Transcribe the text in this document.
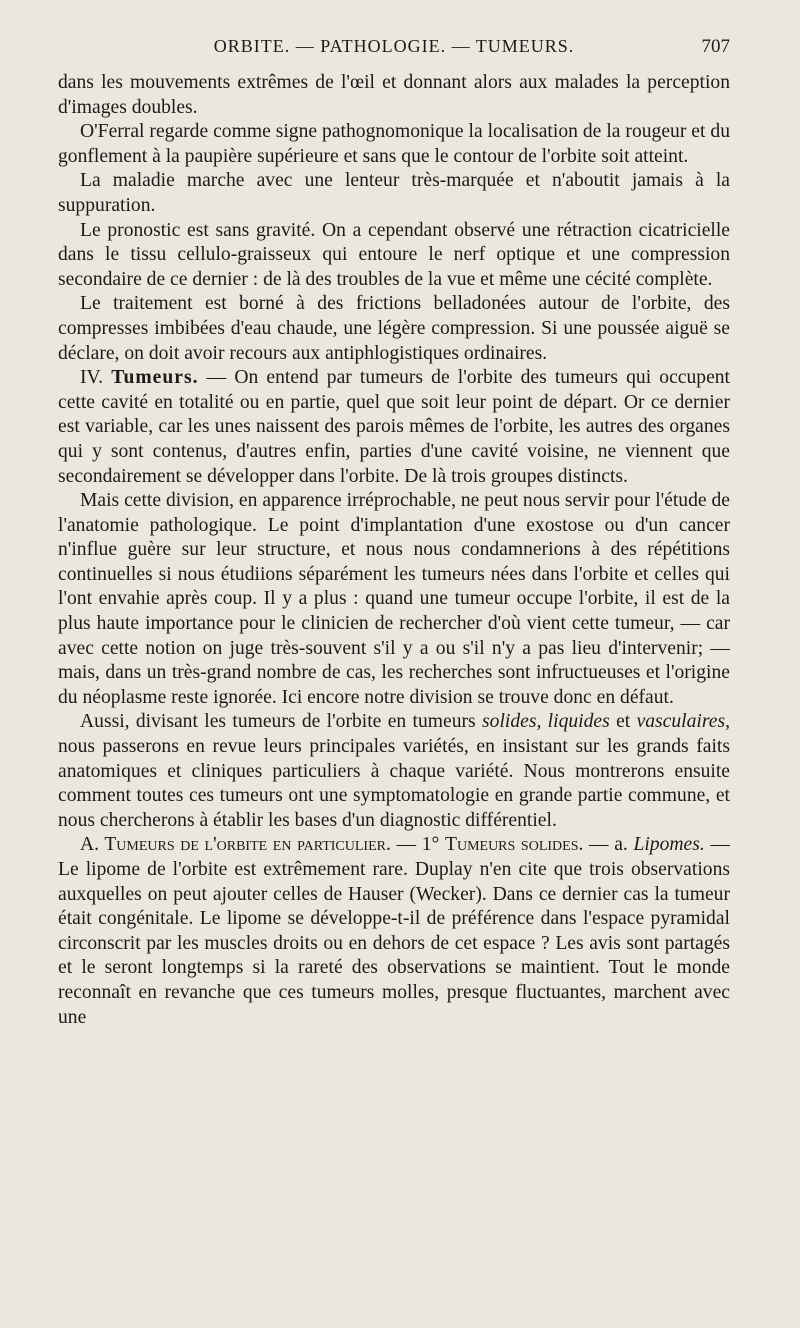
ORBITE. — PATHOLOGIE. — TUMEURS.	707

dans les mouvements extrêmes de l'œil et donnant alors aux malades la perception d'images doubles.

O'Ferral regarde comme signe pathognomonique la localisation de la rougeur et du gonflement à la paupière supérieure et sans que le contour de l'orbite soit atteint.

La maladie marche avec une lenteur très-marquée et n'aboutit jamais à la suppuration.

Le pronostic est sans gravité. On a cependant observé une rétraction cicatricielle dans le tissu cellulo-graisseux qui entoure le nerf optique et une compression secondaire de ce dernier : de là des troubles de la vue et même une cécité complète.

Le traitement est borné à des frictions belladonées autour de l'orbite, des compresses imbibées d'eau chaude, une légère compression. Si une poussée aiguë se déclare, on doit avoir recours aux antiphlogistiques ordinaires.

IV. Tumeurs. — On entend par tumeurs de l'orbite des tumeurs qui occupent cette cavité en totalité ou en partie, quel que soit leur point de départ. Or ce dernier est variable, car les unes naissent des parois mêmes de l'orbite, les autres des organes qui y sont contenus, d'autres enfin, parties d'une cavité voisine, ne viennent que secondairement se développer dans l'orbite. De là trois groupes distincts.

Mais cette division, en apparence irréprochable, ne peut nous servir pour l'étude de l'anatomie pathologique. Le point d'implantation d'une exostose ou d'un cancer n'influe guère sur leur structure, et nous nous condamnerions à des répétitions continuelles si nous étudiions séparément les tumeurs nées dans l'orbite et celles qui l'ont envahie après coup. Il y a plus : quand une tumeur occupe l'orbite, il est de la plus haute importance pour le clinicien de rechercher d'où vient cette tumeur, — car avec cette notion on juge très-souvent s'il y a ou s'il n'y a pas lieu d'intervenir; — mais, dans un très-grand nombre de cas, les recherches sont infructueuses et l'origine du néoplasme reste ignorée. Ici encore notre division se trouve donc en défaut.

Aussi, divisant les tumeurs de l'orbite en tumeurs solides, liquides et vasculaires, nous passerons en revue leurs principales variétés, en insistant sur les grands faits anatomiques et cliniques particuliers à chaque variété. Nous montrerons ensuite comment toutes ces tumeurs ont une symptomatologie en grande partie commune, et nous chercherons à établir les bases d'un diagnostic différentiel.

A. Tumeurs de l'orbite en particulier. — 1° Tumeurs solides. — a. Lipomes. — Le lipome de l'orbite est extrêmement rare. Duplay n'en cite que trois observations auxquelles on peut ajouter celles de Hauser (Wecker). Dans ce dernier cas la tumeur était congénitale. Le lipome se développe-t-il de préférence dans l'espace pyramidal circonscrit par les muscles droits ou en dehors de cet espace ? Les avis sont partagés et le seront longtemps si la rareté des observations se maintient. Tout le monde reconnaît en revanche que ces tumeurs molles, presque fluctuantes, marchent avec une
